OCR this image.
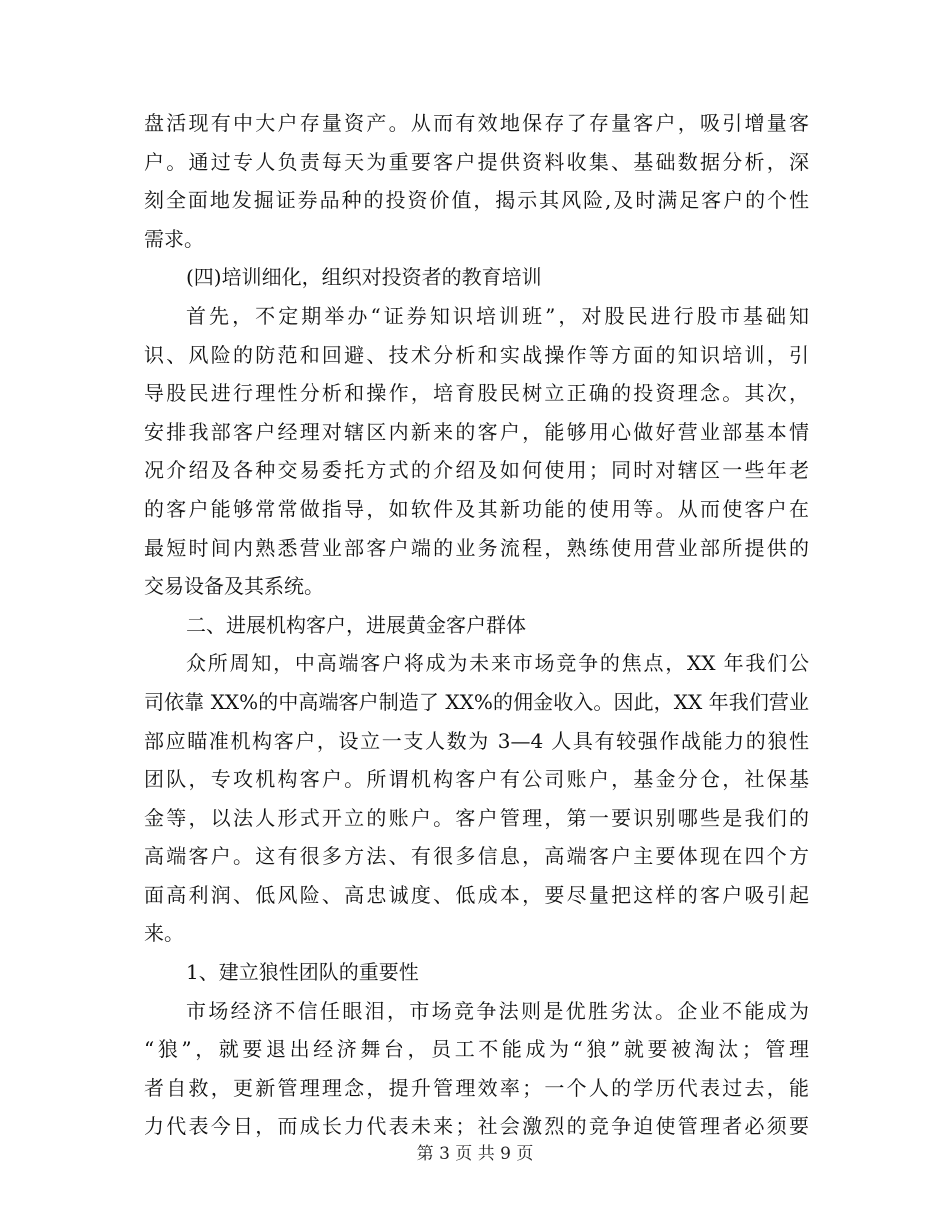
盘活现有中大户存量资产。从而有效地保存了存量客户，吸引增量客
户。通过专人负责每天为重要客户提供资料收集、基础数据分析，深
刻全面地发掘证券品种的投资价值，揭示其风险,及时满足客户的个性
需求。
(四)培训细化，组织对投资者的教育培训
首先，不定期举办“证券知识培训班”，对股民进行股市基础知
识、风险的防范和回避、技术分析和实战操作等方面的知识培训，引
导股民进行理性分析和操作，培育股民树立正确的投资理念。其次，
安排我部客户经理对辖区内新来的客户，能够用心做好营业部基本情
况介绍及各种交易委托方式的介绍及如何使用；同时对辖区一些年老
的客户能够常常做指导，如软件及其新功能的使用等。从而使客户在
最短时间内熟悉营业部客户端的业务流程，熟练使用营业部所提供的
交易设备及其系统。
二、进展机构客户，进展黄金客户群体
众所周知，中高端客户将成为未来市场竞争的焦点，XX 年我们公
司依靠 XX%的中高端客户制造了 XX%的佣金收入。因此，XX 年我们营业
部应瞄准机构客户，设立一支人数为 3—4 人具有较强作战能力的狼性
团队，专攻机构客户。所谓机构客户有公司账户，基金分仓，社保基
金等，以法人形式开立的账户。客户管理，第一要识别哪些是我们的
高端客户。这有很多方法、有很多信息，高端客户主要体现在四个方
面高利润、低风险、高忠诚度、低成本，要尽量把这样的客户吸引起
来。
1、建立狼性团队的重要性
市场经济不信任眼泪，市场竞争法则是优胜劣汰。企业不能成为
“狼”，就要退出经济舞台，员工不能成为“狼”就要被淘汰；管理
者自救，更新管理理念，提升管理效率；一个人的学历代表过去，能
力代表今日，而成长力代表未来；社会激烈的竞争迫使管理者必须要
第 3 页 共 9 页
